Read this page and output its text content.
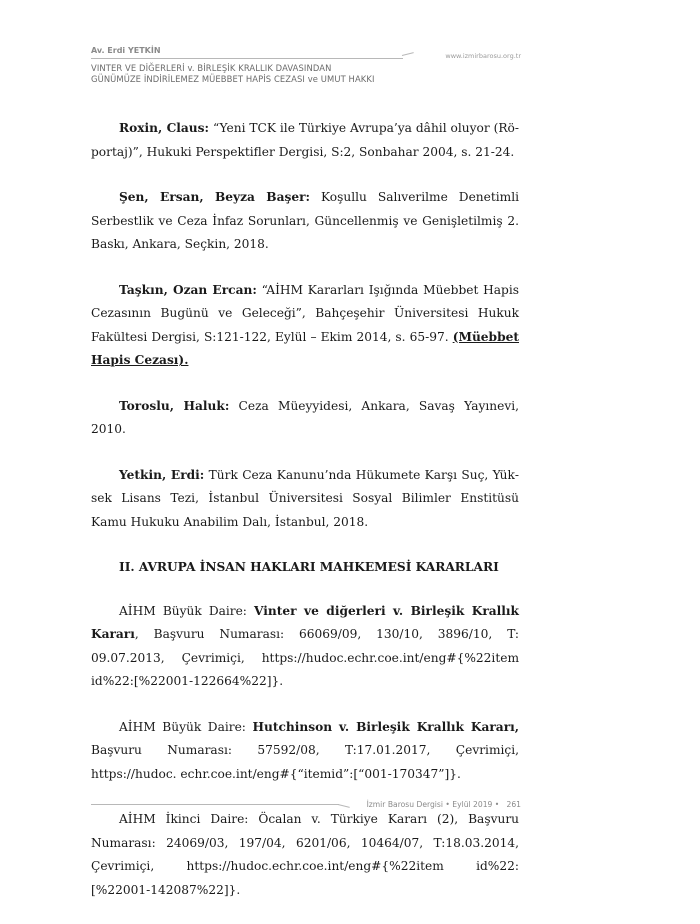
Av. Erdi YETKİN
www.izmirbarosu.org.tr
VINTER VE DİĞERLERİ v. BİRLEŞİK KRALLIK DAVASINDAN
GÜNÜMÜZE İNDİRİLEMEZ MÜEBBET HAPİS CEZASI ve UMUT HAKKI

Roxin, Claus: “Yeni TCK ile Türkiye Avrupa’ya dâhil oluyor (Röportaj)”, Hukuki Perspektifler Dergisi, S:2, Sonbahar 2004, s. 21-24.

Şen, Ersan, Beyza Başer: Koşullu Salıverilme Denetimli Serbestlik ve Ceza İnfaz Sorunları, Güncellenmiş ve Genişletilmiş 2. Baskı, Ankara, Seçkin, 2018.

Taşkın, Ozan Ercan: “AİHM Kararları Işığında Müebbet Hapis Cezasının Bugünü ve Geleceği”, Bahçeşehir Üniversitesi Hukuk Fakültesi Dergisi, S:121-122, Eylül – Ekim 2014, s. 65-97. (Müebbet Hapis Cezası).

Toroslu, Haluk: Ceza Müeyyidesi, Ankara, Savaş Yayınevi, 2010.

Yetkin, Erdi: Türk Ceza Kanunu’nda Hükumete Karşı Suç, Yüksek Lisans Tezi, İstanbul Üniversitesi Sosyal Bilimler Enstitüsü Kamu Hukuku Anabilim Dalı, İstanbul, 2018.

II. AVRUPA İNSAN HAKLARI MAHKEMESİ KARARLARI

AİHM Büyük Daire: Vinter ve diğerleri v. Birleşik Krallık Kararı, Başvuru Numarası: 66069/09, 130/10, 3896/10, T: 09.07.2013, Çevrimiçi, https://hudoc.echr.coe.int/eng#{%22item id%22:[%22001-122664%22]}.

AİHM Büyük Daire: Hutchinson v. Birleşik Krallık Kararı, Başvuru Numarası: 57592/08, T:17.01.2017, Çevrimiçi, https://hudoc. echr.coe.int/eng#{“itemid”:[“001-170347”]}.

AİHM İkinci Daire: Öcalan v. Türkiye Kararı (2), Başvuru Numarası: 24069/03, 197/04, 6201/06, 10464/07, T:18.03.2014, Çevrimiçi, https://hudoc.echr.coe.int/eng#{%22item id%22:[%22001-142087%22]}.

İzmir Barosu Dergisi • Eylül 2019 • 261
